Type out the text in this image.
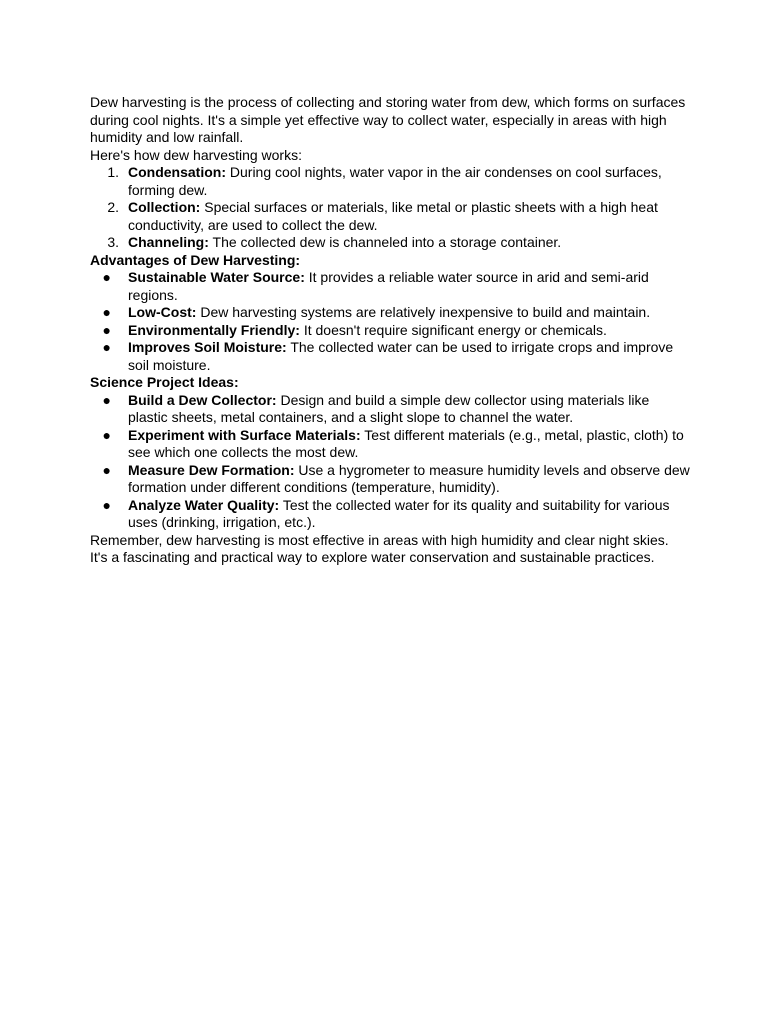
Dew harvesting is the process of collecting and storing water from dew, which forms on surfaces during cool nights. It's a simple yet effective way to collect water, especially in areas with high humidity and low rainfall.

Here's how dew harvesting works:

1. Condensation: During cool nights, water vapor in the air condenses on cool surfaces, forming dew.
2. Collection: Special surfaces or materials, like metal or plastic sheets with a high heat conductivity, are used to collect the dew.
3. Channeling: The collected dew is channeled into a storage container.

Advantages of Dew Harvesting:

● Sustainable Water Source: It provides a reliable water source in arid and semi-arid regions.
● Low-Cost: Dew harvesting systems are relatively inexpensive to build and maintain.
● Environmentally Friendly: It doesn't require significant energy or chemicals.
● Improves Soil Moisture: The collected water can be used to irrigate crops and improve soil moisture.

Science Project Ideas:

● Build a Dew Collector: Design and build a simple dew collector using materials like plastic sheets, metal containers, and a slight slope to channel the water.
● Experiment with Surface Materials: Test different materials (e.g., metal, plastic, cloth) to see which one collects the most dew.
● Measure Dew Formation: Use a hygrometer to measure humidity levels and observe dew formation under different conditions (temperature, humidity).
● Analyze Water Quality: Test the collected water for its quality and suitability for various uses (drinking, irrigation, etc.).

Remember, dew harvesting is most effective in areas with high humidity and clear night skies. It's a fascinating and practical way to explore water conservation and sustainable practices.
